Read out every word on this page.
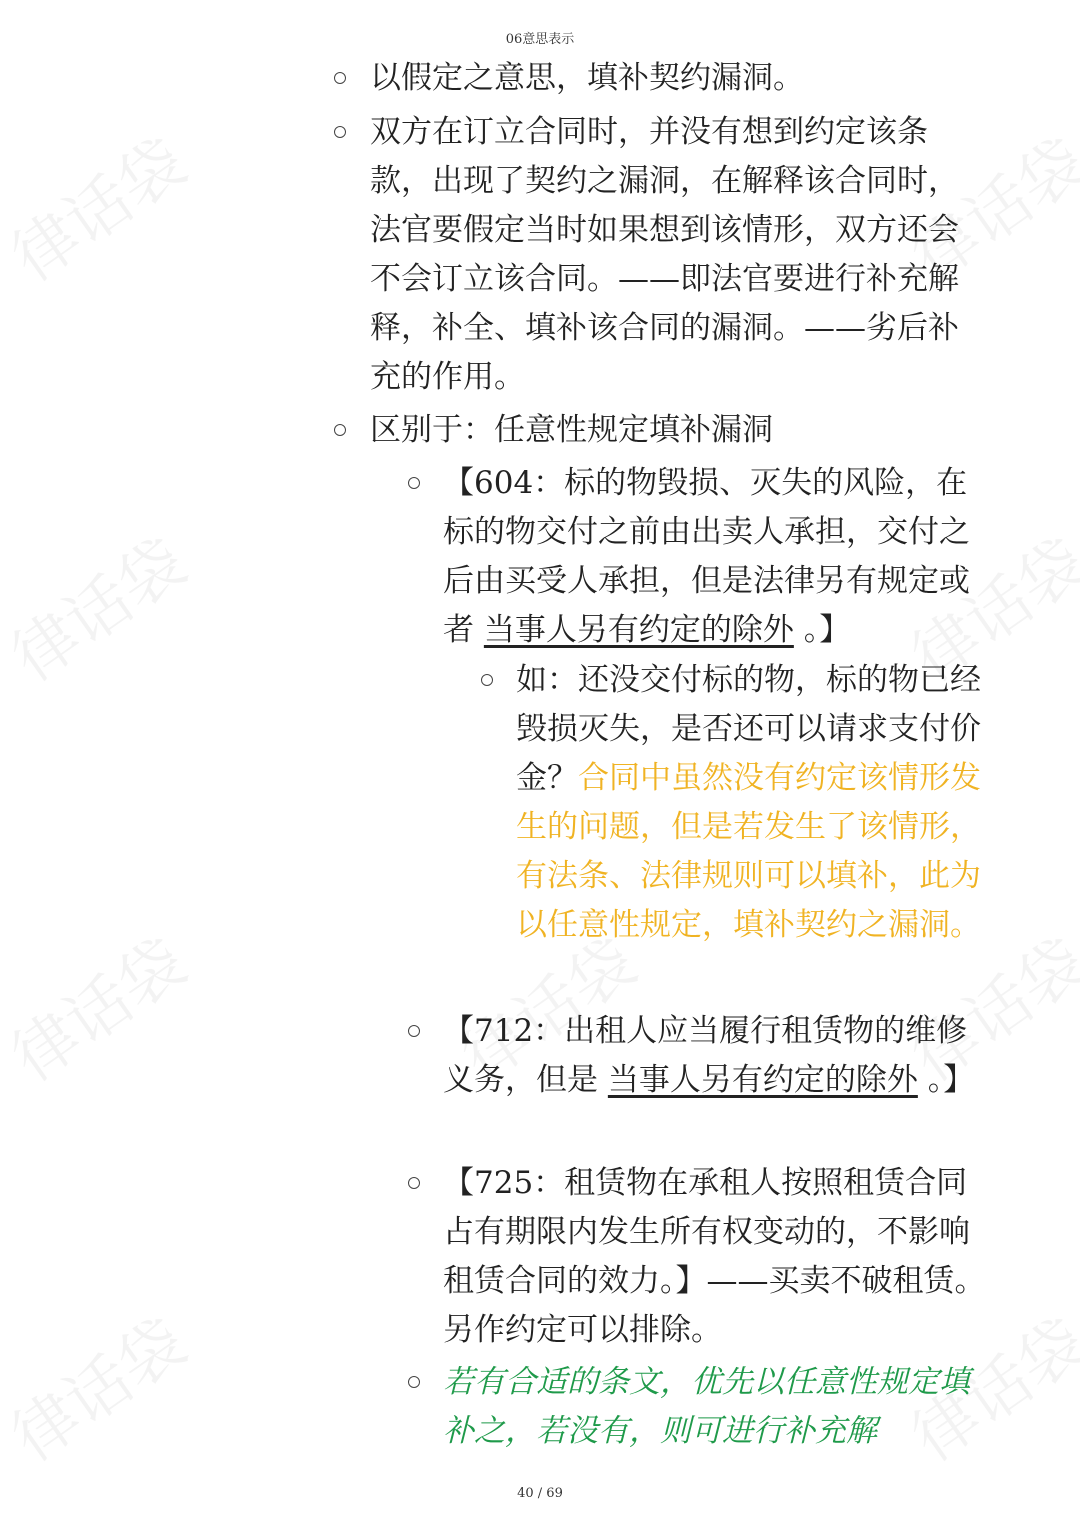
06意思表示
以假定之意思，填补契约漏洞。
双方在订立合同时，并没有想到约定该条款，出现了契约之漏洞，在解释该合同时，法官要假定当时如果想到该情形，双方还会不会订立该合同。——即法官要进行补充解释，补全、填补该合同的漏洞。——劣后补充的作用。
区别于：任意性规定填补漏洞
【604：标的物毁损、灭失的风险，在标的物交付之前由出卖人承担，交付之后由买受人承担，但是法律另有规定或者 当事人另有约定的除外 。】
如：还没交付标的物，标的物已经毁损灭失，是否还可以请求支付价金？合同中虽然没有约定该情形发生的问题，但是若发生了该情形，有法条、法律规则可以填补，此为以任意性规定，填补契约之漏洞。
【712：出租人应当履行租赁物的维修义务，但是 当事人另有约定的除外 。】
【725：租赁物在承租人按照租赁合同占有期限内发生所有权变动的，不影响租赁合同的效力。】——买卖不破租赁。另作约定可以排除。
若有合适的条文，优先以任意性规定填补之，若没有，则可进行补充解
40 / 69
